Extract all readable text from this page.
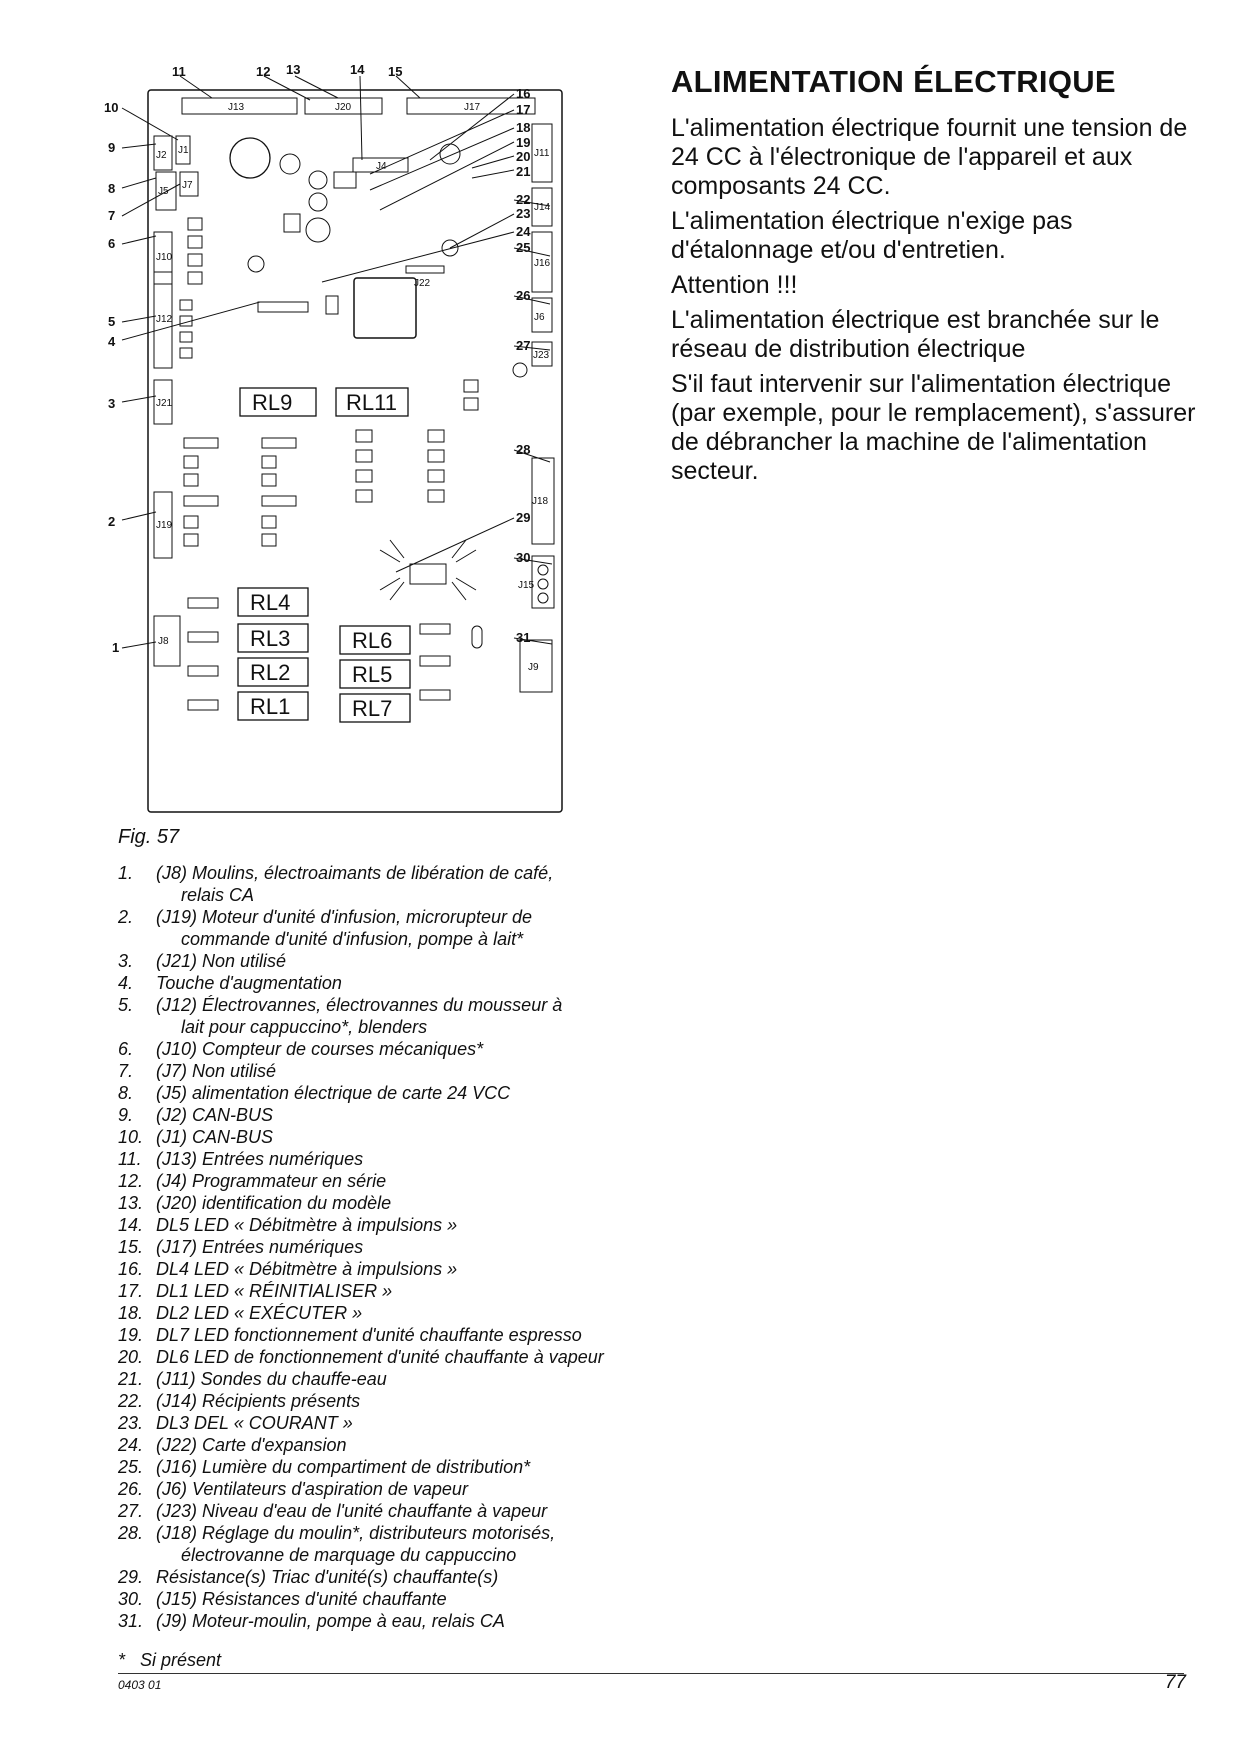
J13	J20	J17
J4
J2 J1
J5
J7
J10
J11
J14
J16
J22
J12	J6
J23
J21
J18
J19
J15
J8
J9
RL9 RL11
RL4
RL3
RL2
RL1
RL6
RL5
RL7
1
2
3
4
5
6
7
8
9
10
11	12 13	14 15
16
17
18
19
20
21
22
23
24
25
26
27
28
29
30
31
Fig. 57
1.	(J8) Moulins, électroaimants de libération de café,
relais CA
2.	(J19) Moteur d'unité d'infusion, microrupteur de
commande d'unité d'infusion, pompe à lait*
3.	(J21) Non utilisé
4.	Touche d'augmentation
5.	(J12) Électrovannes, électrovannes du mousseur à
lait pour cappuccino*, blenders
6.	(J10) Compteur de courses mécaniques*
7.	(J7) Non utilisé
8.	(J5) alimentation électrique de carte 24 VCC
9.	(J2) CAN-BUS
10. (J1) CAN-BUS
11. (J13) Entrées numériques
12. (J4) Programmateur en série
13. (J20) identification du modèle
14. DL5 LED « Débitmètre à impulsions »
15. (J17) Entrées numériques
16. DL4 LED « Débitmètre à impulsions »
17. DL1 LED « RÉINITIALISER »
18. DL2 LED « EXÉCUTER »
19. DL7 LED fonctionnement d'unité chauffante espresso
20. DL6 LED de fonctionnement d'unité chauffante à vapeur
21. (J11) Sondes du chauffe-eau
22. (J14) Récipients présents
23. DL3 DEL « COURANT »
24. (J22) Carte d'expansion
25. (J16) Lumière du compartiment de distribution*
26. (J6) Ventilateurs d'aspiration de vapeur
27. (J23) Niveau d'eau de l'unité chauffante à vapeur
28. (J18) Réglage du moulin*, distributeurs motorisés,
électrovanne de marquage du cappuccino
29. Résistance(s) Triac d'unité(s) chauffante(s)
30. (J15) Résistances d'unité chauffante
31. (J9) Moteur-moulin, pompe à eau, relais CA
*   Si présent
0403 01	77
ALIMENTATION ÉLECTRIQUE

L'alimentation électrique fournit une tension de 24 CC à l'électronique de l'appareil et aux composants 24 CC.

L'alimentation électrique n'exige pas d'étalonnage et/ou d'entretien.

Attention !!!

L'alimentation électrique est branchée sur le réseau de distribution électrique

S'il faut intervenir sur l'alimentation électrique (par exemple, pour le remplacement), s'assurer de débrancher la machine de l'alimentation secteur.
